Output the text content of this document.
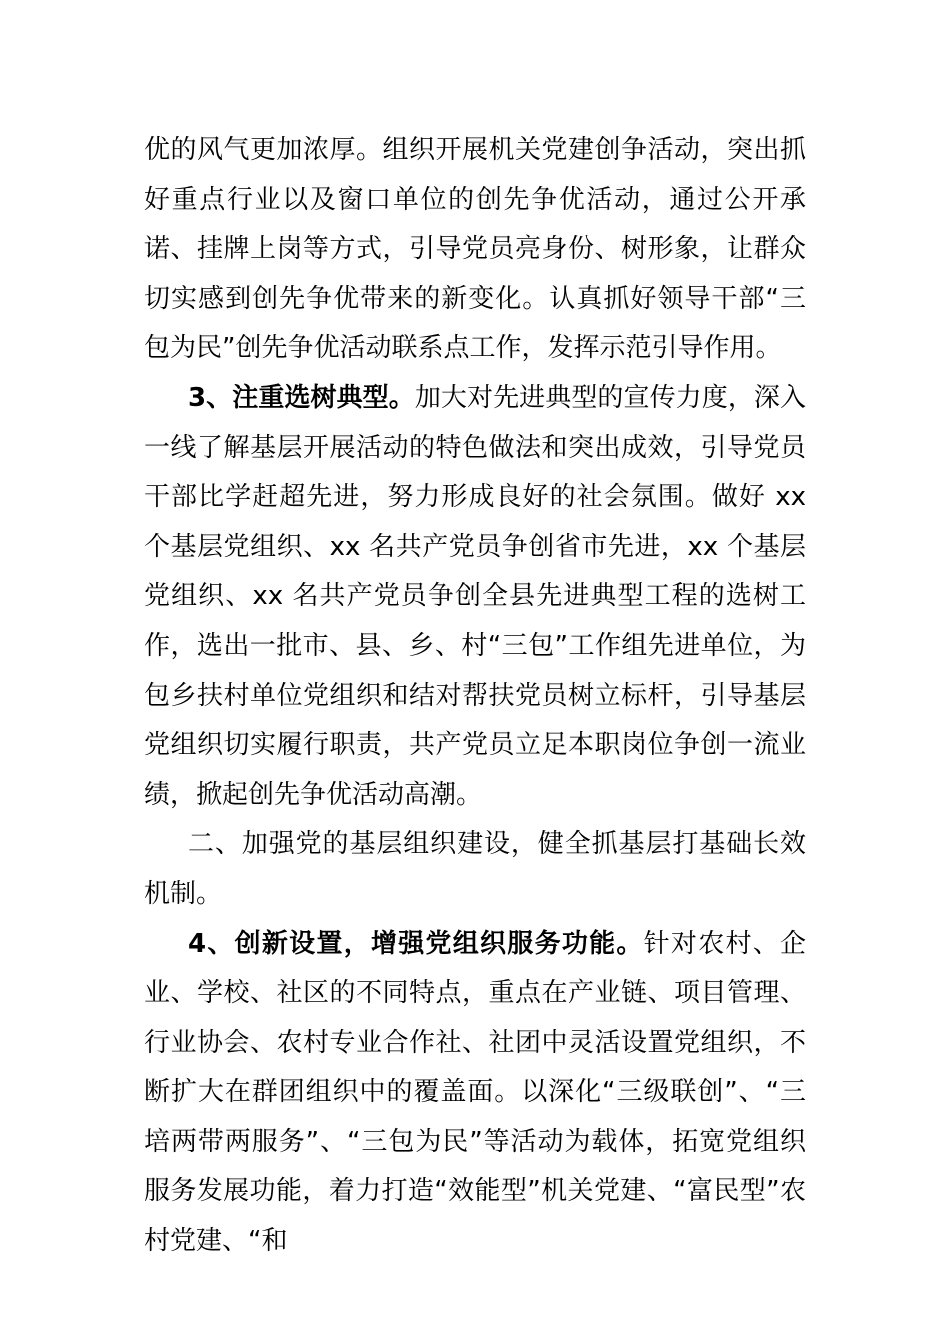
优的风气更加浓厚。组织开展机关党建创争活动，突出抓好重点行业以及窗口单位的创先争优活动，通过公开承诺、挂牌上岗等方式，引导党员亮身份、树形象，让群众切实感到创先争优带来的新变化。认真抓好领导干部“三包为民”创先争优活动联系点工作，发挥示范引导作用。

3、注重选树典型。加大对先进典型的宣传力度，深入一线了解基层开展活动的特色做法和突出成效，引导党员干部比学赶超先进，努力形成良好的社会氛围。做好 xx 个基层党组织、xx 名共产党员争创省市先进，xx 个基层党组织、xx 名共产党员争创全县先进典型工程的选树工作，选出一批市、县、乡、村“三包”工作组先进单位，为包乡扶村单位党组织和结对帮扶党员树立标杆，引导基层党组织切实履行职责，共产党员立足本职岗位争创一流业绩，掀起创先争优活动高潮。

二、加强党的基层组织建设，健全抓基层打基础长效机制。

4、创新设置，增强党组织服务功能。针对农村、企业、学校、社区的不同特点，重点在产业链、项目管理、行业协会、农村专业合作社、社团中灵活设置党组织，不断扩大在群团组织中的覆盖面。以深化“三级联创”、“三培两带两服务”、“三包为民”等活动为载体，拓宽党组织服务发展功能，着力打造“效能型”机关党建、“富民型”农村党建、“和
